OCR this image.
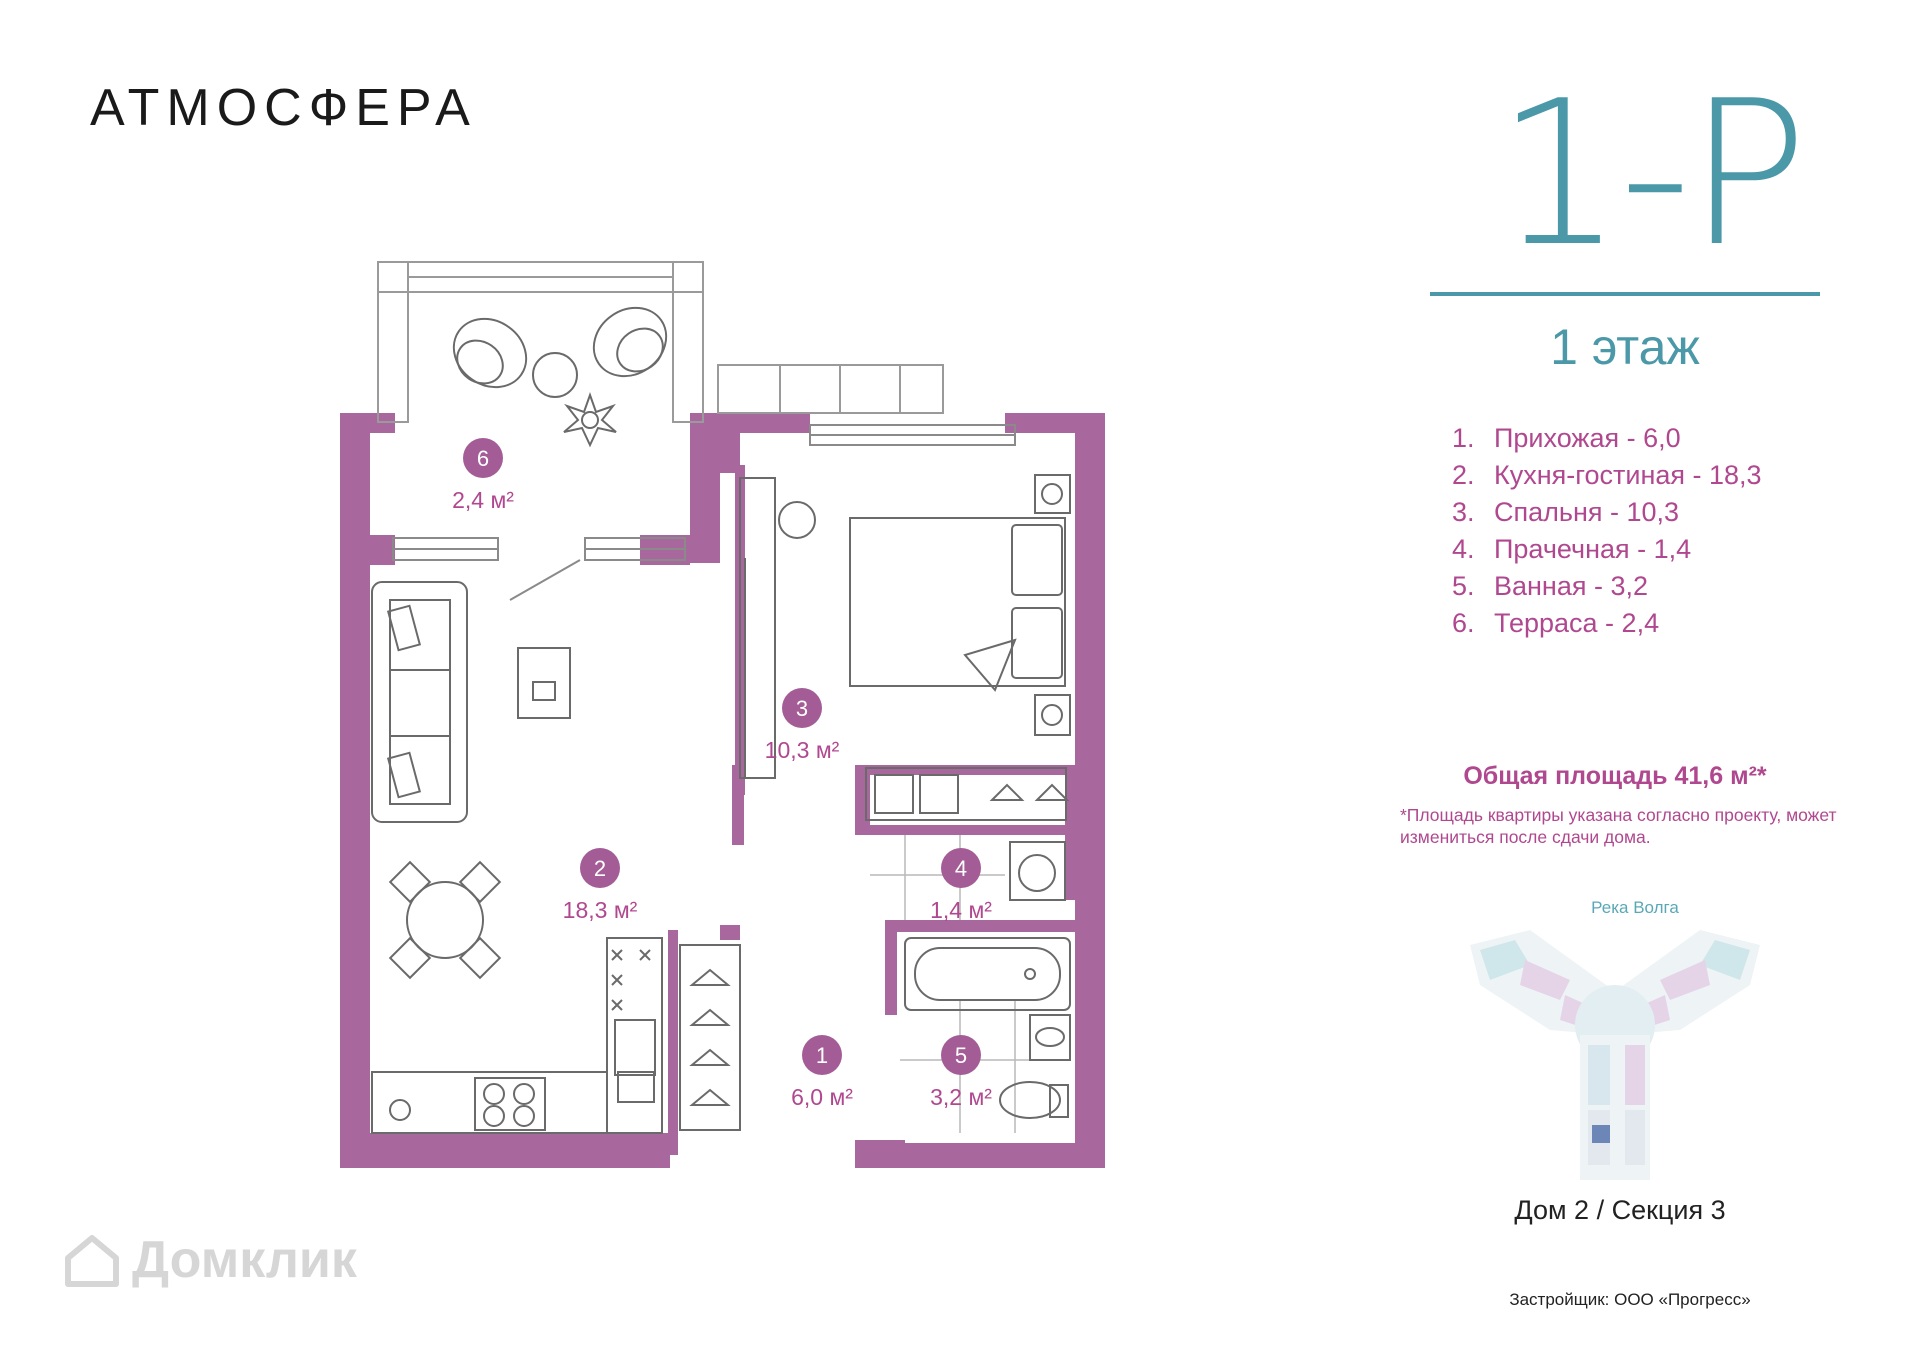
АТМОСФЕРА	1-Р
1 этаж
1. Прихожая - 6,0
2. Кухня-гостиная - 18,3
3. Спальня - 10,3
4. Прачечная - 1,4
5. Ванная - 3,2
6. Терраса - 2,4
Общая площадь 41,6 м²*
*Площадь квартиры указана согласно проекту, может измениться после сдачи дома.
Река Волга
Дом 2 / Секция 3
Застройщик: ООО «Прогресс»
Домклик
6
2,4 м²
2
18,3 м²
3
10,3 м²
4
1,4 м²
1
6,0 м²
5
3,2 м²
